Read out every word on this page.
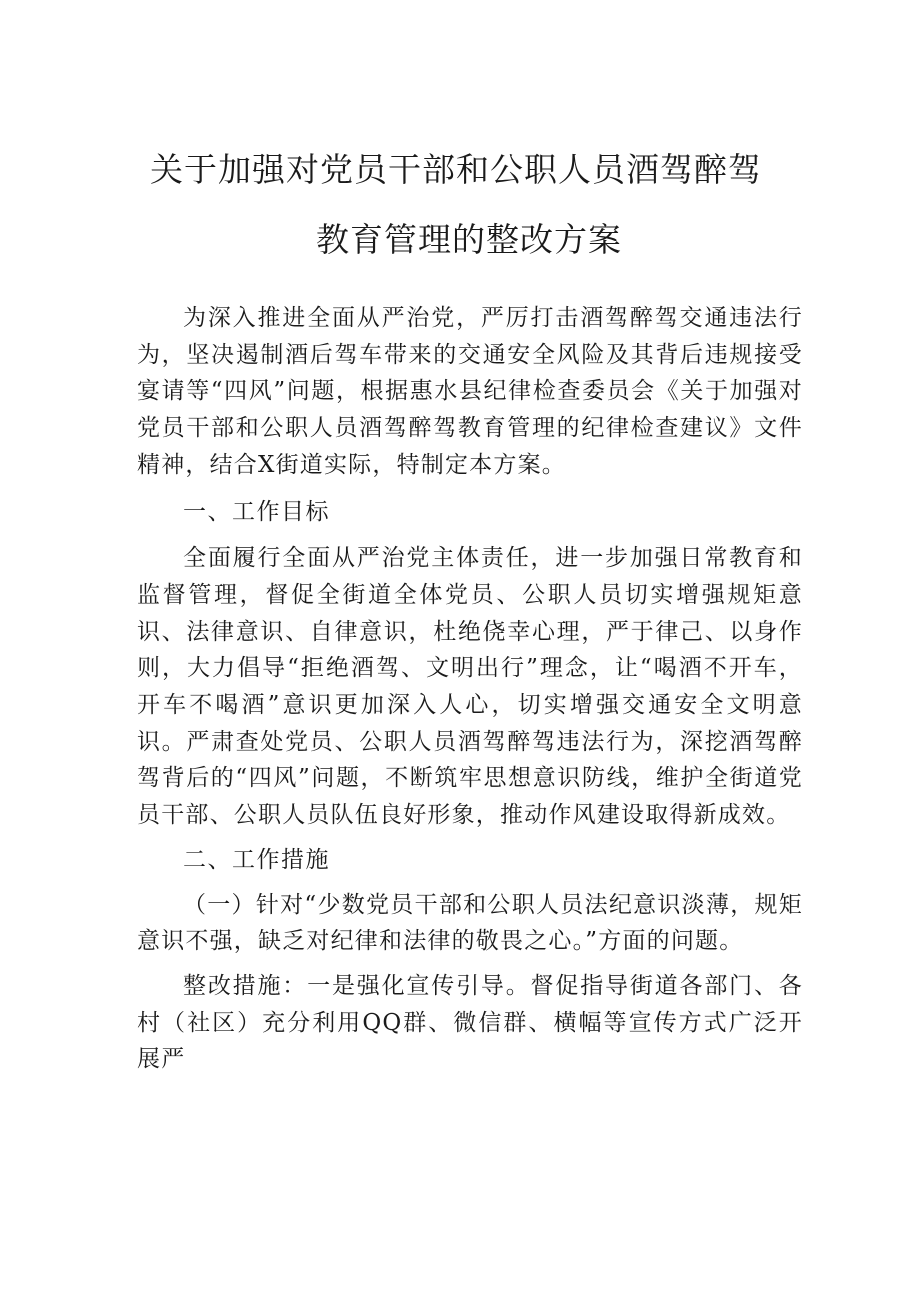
关于加强对党员干部和公职人员酒驾醉驾
教育管理的整改方案

为深入推进全面从严治党，严厉打击酒驾醉驾交通违法行为，坚决遏制酒后驾车带来的交通安全风险及其背后违规接受宴请等“四风”问题，根据惠水县纪律检查委员会《关于加强对党员干部和公职人员酒驾醉驾教育管理的纪律检查建议》文件精神，结合X街道实际，特制定本方案。

一、工作目标

全面履行全面从严治党主体责任，进一步加强日常教育和监督管理，督促全街道全体党员、公职人员切实增强规矩意识、法律意识、自律意识，杜绝侥幸心理，严于律己、以身作则，大力倡导“拒绝酒驾、文明出行”理念，让“喝酒不开车，开车不喝酒”意识更加深入人心，切实增强交通安全文明意识。严肃查处党员、公职人员酒驾醉驾违法行为，深挖酒驾醉驾背后的“四风”问题，不断筑牢思想意识防线，维护全街道党员干部、公职人员队伍良好形象，推动作风建设取得新成效。

二、工作措施

（一）针对“少数党员干部和公职人员法纪意识淡薄，规矩意识不强，缺乏对纪律和法律的敬畏之心。”方面的问题。

整改措施：一是强化宣传引导。督促指导街道各部门、各村（社区）充分利用QQ群、微信群、横幅等宣传方式广泛开展严
